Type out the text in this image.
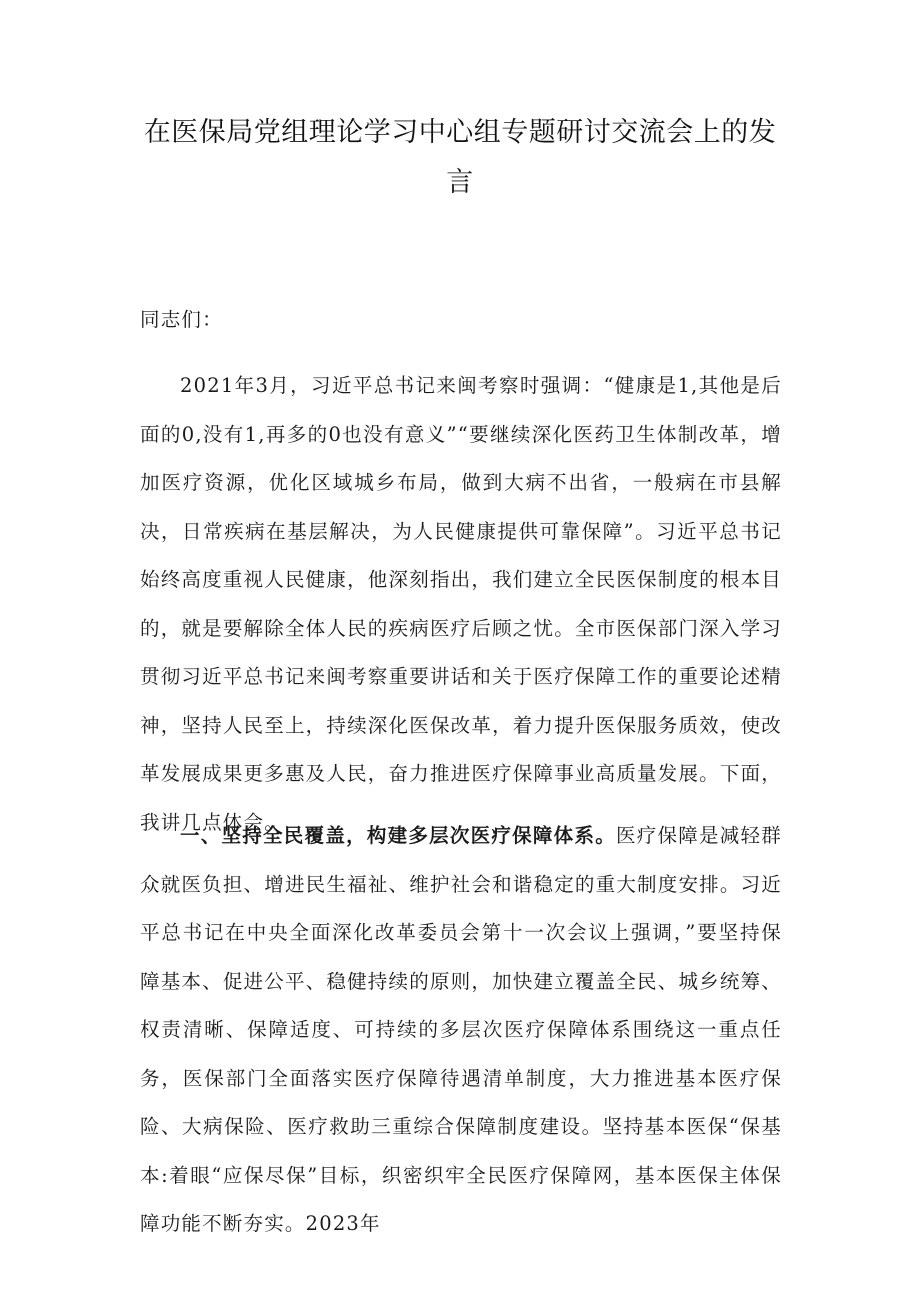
在医保局党组理论学习中心组专题研讨交流会上的发言

同志们：

2021年3月，习近平总书记来闽考察时强调：“健康是1,其他是后面的0,没有1,再多的0也没有意义”“要继续深化医药卫生体制改革，增加医疗资源，优化区域城乡布局，做到大病不出省，一般病在市县解决，日常疾病在基层解决，为人民健康提供可靠保障”。习近平总书记始终高度重视人民健康，他深刻指出，我们建立全民医保制度的根本目的，就是要解除全体人民的疾病医疗后顾之忧。全市医保部门深入学习贯彻习近平总书记来闽考察重要讲话和关于医疗保障工作的重要论述精神，坚持人民至上，持续深化医保改革，着力提升医保服务质效，使改革发展成果更多惠及人民，奋力推进医疗保障事业高质量发展。下面，我讲几点体会。

一、坚持全民覆盖，构建多层次医疗保障体系。医疗保障是减轻群众就医负担、增进民生福祉、维护社会和谐稳定的重大制度安排。习近平总书记在中央全面深化改革委员会第十一次会议上强调，”要坚持保障基本、促进公平、稳健持续的原则，加快建立覆盖全民、城乡统筹、权责清晰、保障适度、可持续的多层次医疗保障体系围绕这一重点任务，医保部门全面落实医疗保障待遇清单制度，大力推进基本医疗保险、大病保险、医疗救助三重综合保障制度建设。坚持基本医保“保基本:着眼“应保尽保”目标，织密织牢全民医疗保障网，基本医保主体保障功能不断夯实。2023年
